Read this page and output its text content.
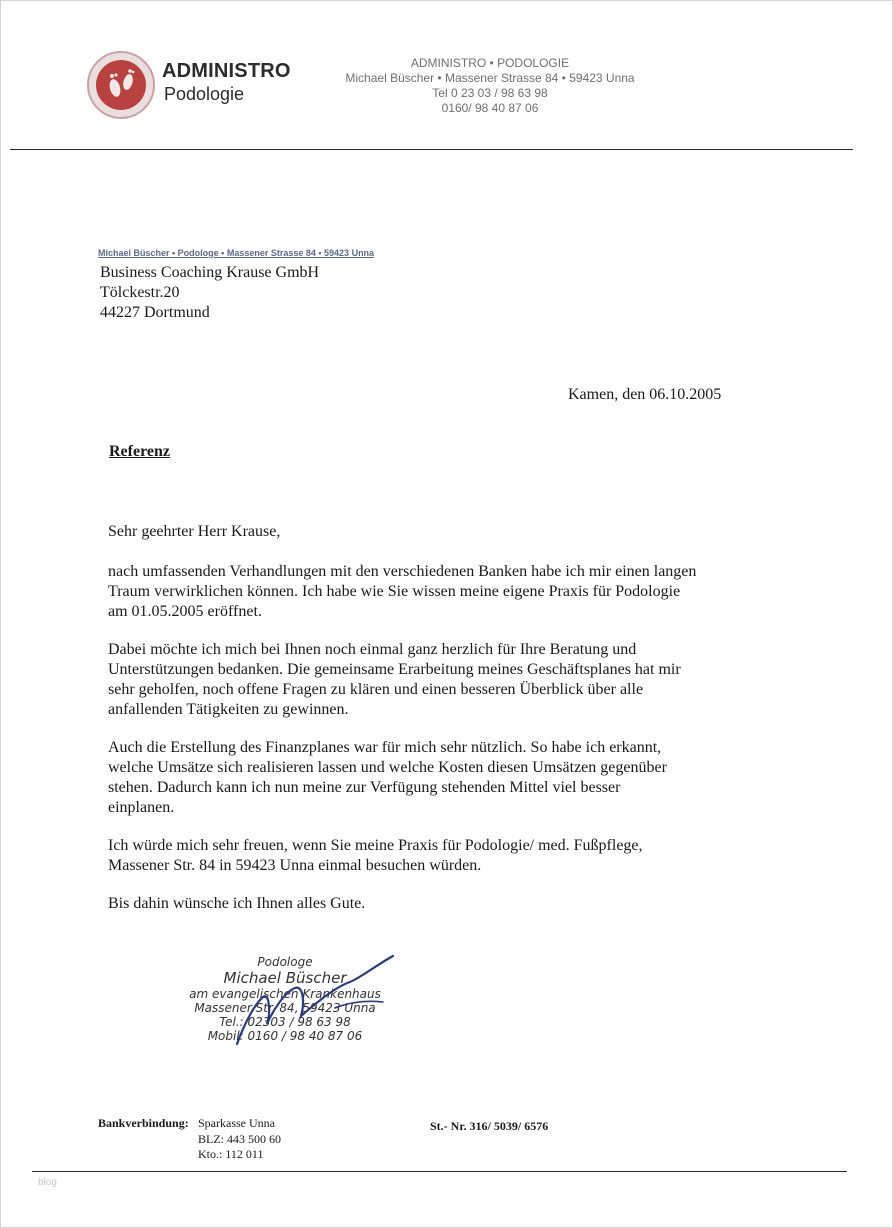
ADMINISTRO
Podologie
ADMINISTRO • PODOLOGIE
Michael Büscher • Massener Strasse 84 • 59423 Unna
Tel 0 23 03 / 98 63 98
0160/ 98 40 87 06
Michael Büscher • Podologe • Massener Strasse 84 • 59423 Unna
Business Coaching Krause GmbH
Tölckestr.20
44227 Dortmund
Kamen, den 06.10.2005
Referenz

Sehr geehrter Herr Krause,

nach umfassenden Verhandlungen mit den verschiedenen Banken habe ich mir einen langen

Traum verwirklichen können. Ich habe wie Sie wissen meine eigene Praxis für Podologie

am 01.05.2005 eröffnet.

Dabei möchte ich mich bei Ihnen noch einmal ganz herzlich für Ihre Beratung und

Unterstützungen bedanken. Die gemeinsame Erarbeitung meines Geschäftsplanes hat mir

sehr geholfen, noch offene Fragen zu klären und einen besseren Überblick über alle

anfallenden Tätigkeiten zu gewinnen.

Auch die Erstellung des Finanzplanes war für mich sehr nützlich. So habe ich erkannt,

welche Umsätze sich realisieren lassen und welche Kosten diesen Umsätzen gegenüber

stehen. Dadurch kann ich nun meine zur Verfügung stehenden Mittel viel besser

einplanen.

Ich würde mich sehr freuen, wenn Sie meine Praxis für Podologie/ med. Fußpflege,

Massener Str. 84 in 59423 Unna einmal besuchen würden.

Bis dahin wünsche ich Ihnen alles Gute.

Podologe
Michael Büscher
am evangelischen Krankenhaus
Massener Str. 84, 59423 Unna
Tel.: 02303 / 98 63 98
Mobil: 0160 / 98 40 87 06
Bankverbindung: Sparkasse Unna
BLZ: 443 500 60
Kto.: 112 011
St.- Nr. 316/ 5039/ 6576
blog
